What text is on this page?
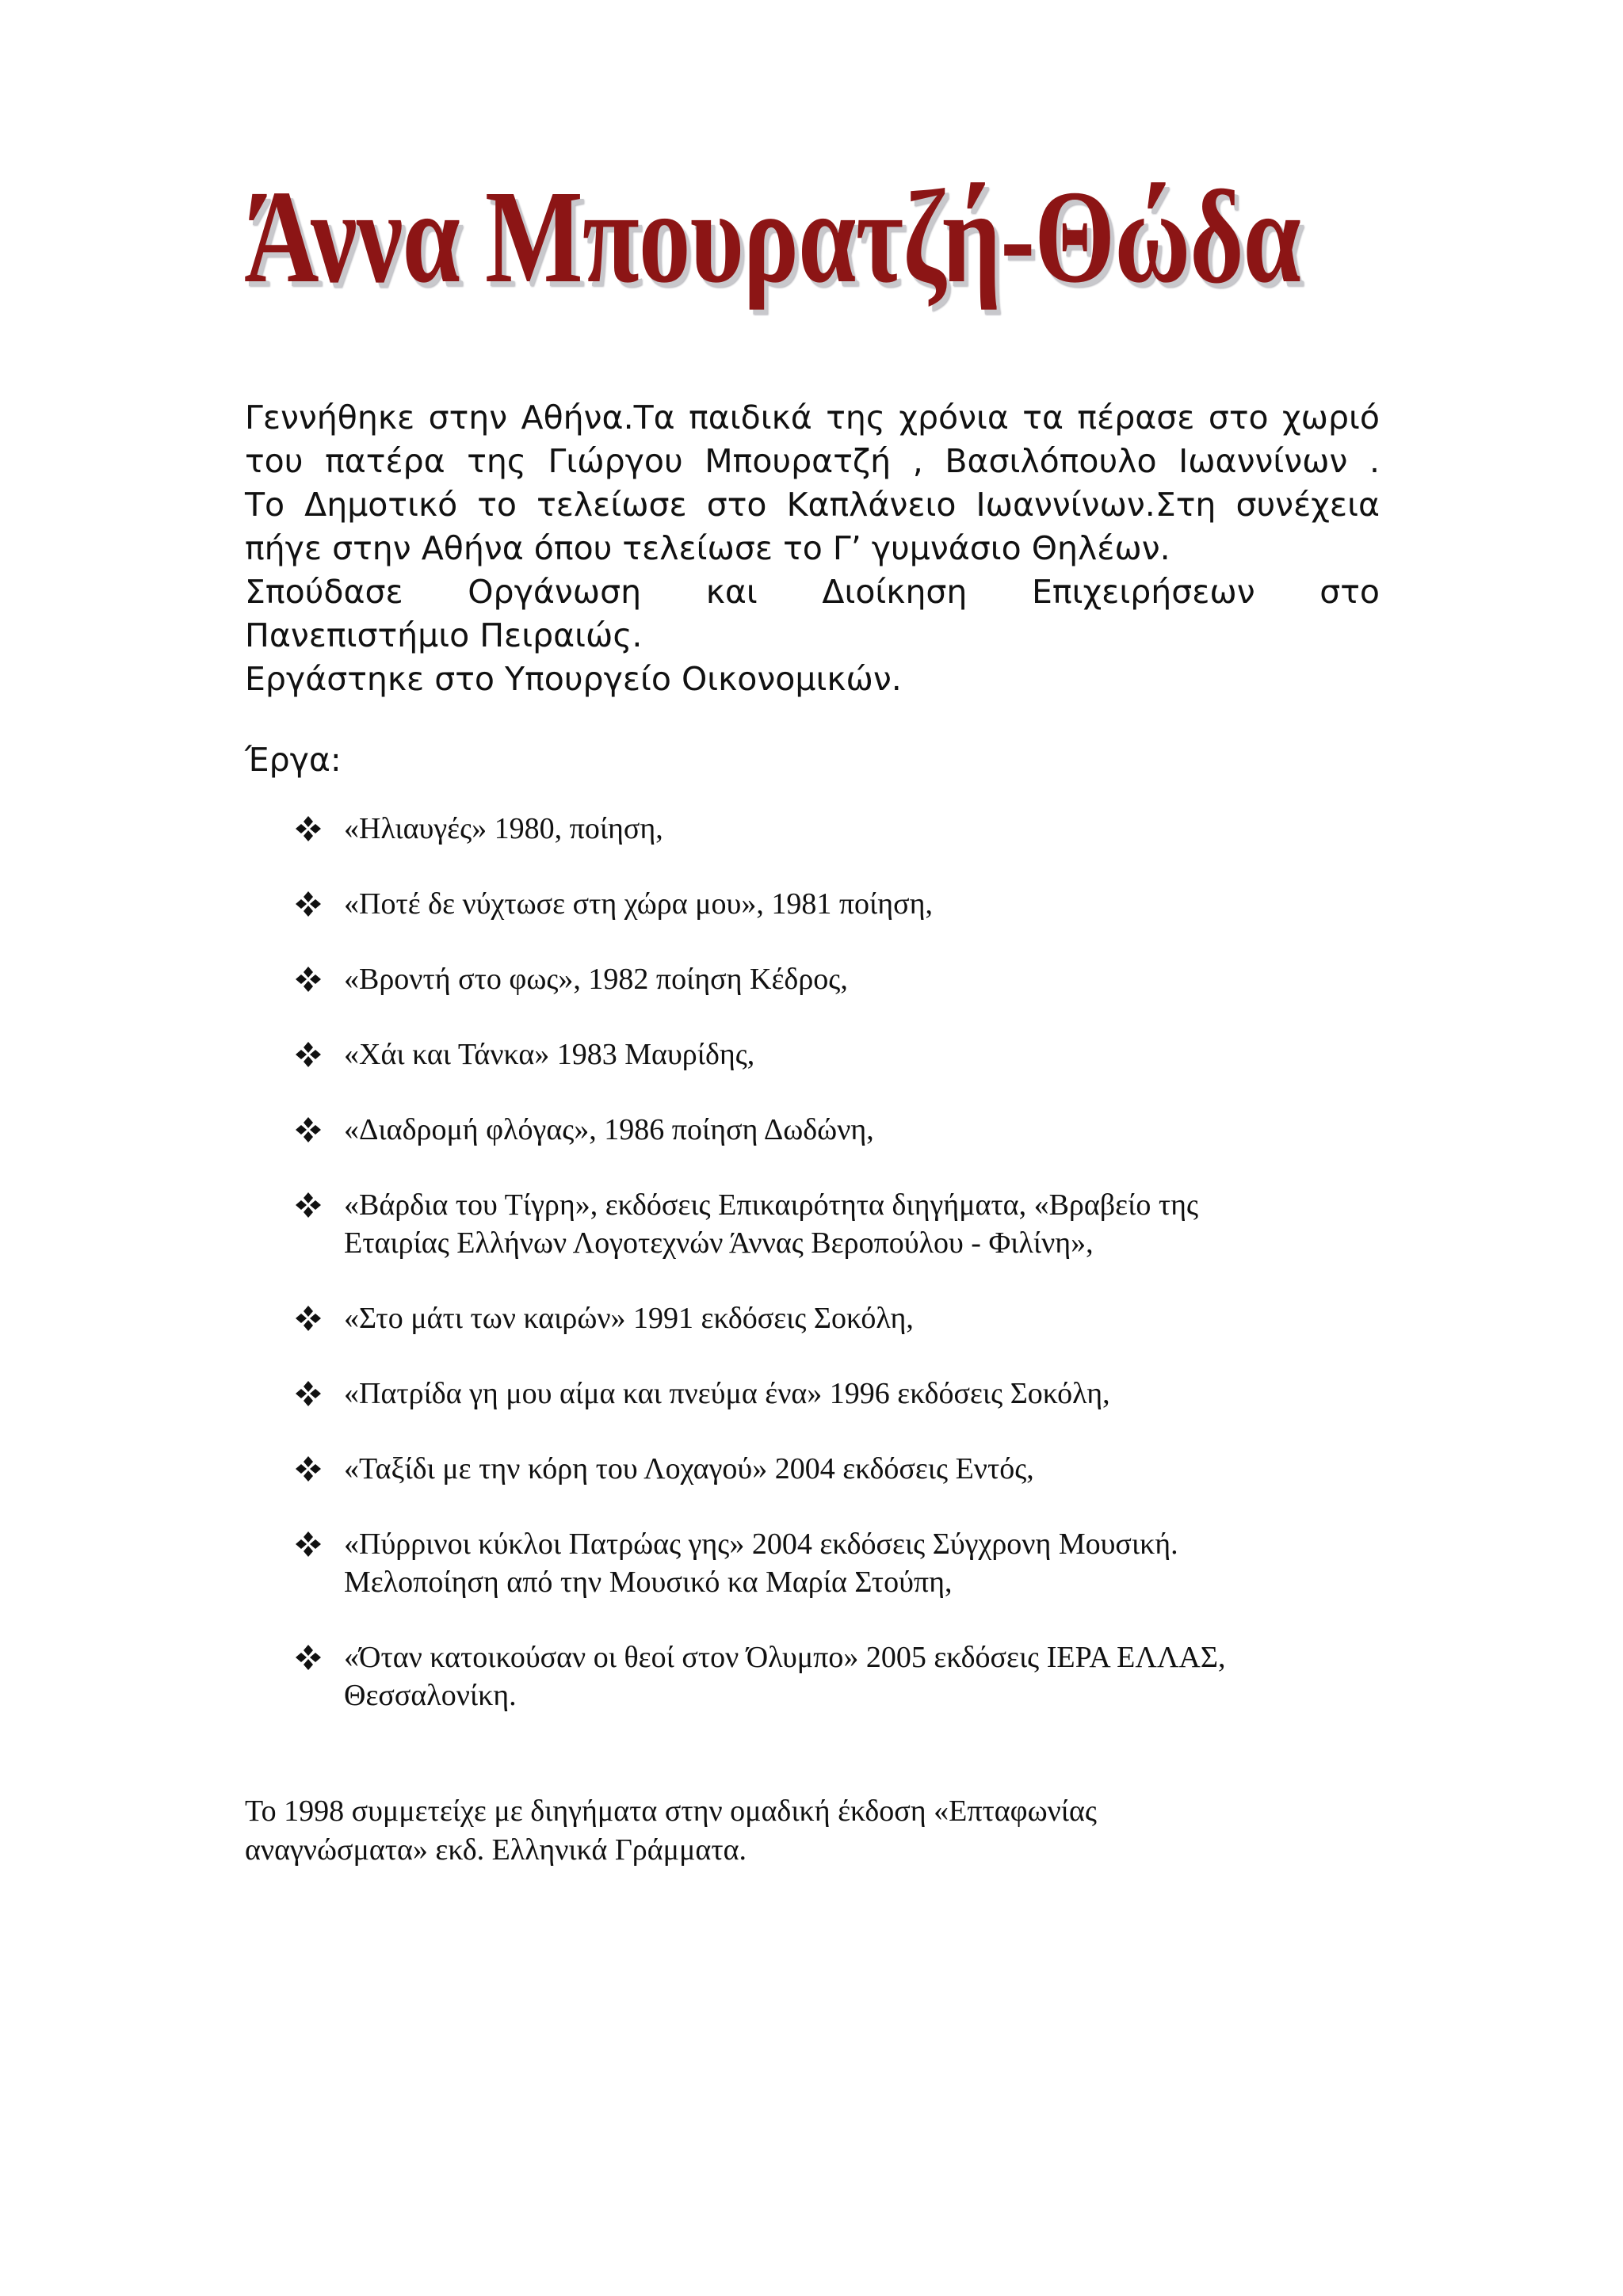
Άννα Μπουρατζή-Θώδα

Γεννήθηκε στην Αθήνα.Τα παιδικά της χρόνια τα πέρασε στο χωριό

του πατέρα της Γιώργου Μπουρατζή , Βασιλόπουλο Ιωαννίνων .

Το Δημοτικό το τελείωσε στο Καπλάνειο Ιωαννίνων.Στη συνέχεια

πήγε στην Αθήνα όπου τελείωσε το Γ’ γυμνάσιο Θηλέων.

Σπούδασε Οργάνωση και Διοίκηση Επιχειρήσεων στο

Πανεπιστήμιο Πειραιώς.

Εργάστηκε στο Υπουργείο Οικονομικών.

Έργα:
«Ηλιαυγές» 1980, ποίηση,
«Ποτέ δε νύχτωσε στη χώρα μου», 1981 ποίηση,
«Βροντή στο φως», 1982 ποίηση Κέδρος,
«Χάι και Τάνκα» 1983 Μαυρίδης,
«Διαδρομή φλόγας», 1986 ποίηση Δωδώνη,
«Βάρδια του Τίγρη», εκδόσεις Επικαιρότητα διηγήματα, «Βραβείο της
Εταιρίας Ελλήνων Λογοτεχνών Άννας Βεροπούλου - Φιλίνη»,
«Στο μάτι των καιρών» 1991 εκδόσεις Σοκόλη,
«Πατρίδα γη μου αίμα και πνεύμα ένα» 1996 εκδόσεις Σοκόλη,
«Ταξίδι με την κόρη του Λοχαγού» 2004 εκδόσεις Εντός,
«Πύρρινοι κύκλοι Πατρώας γης» 2004 εκδόσεις Σύγχρονη Μουσική.
Μελοποίηση από την Μουσικό κα Μαρία Στούπη,
«Όταν κατοικούσαν οι θεοί στον Όλυμπο» 2005 εκδόσεις ΙΕΡΑ ΕΛΛΑΣ,
Θεσσαλονίκη.

Το 1998 συμμετείχε με διηγήματα στην ομαδική έκδοση «Επταφωνίας
αναγνώσματα» εκδ. Ελληνικά Γράμματα.
